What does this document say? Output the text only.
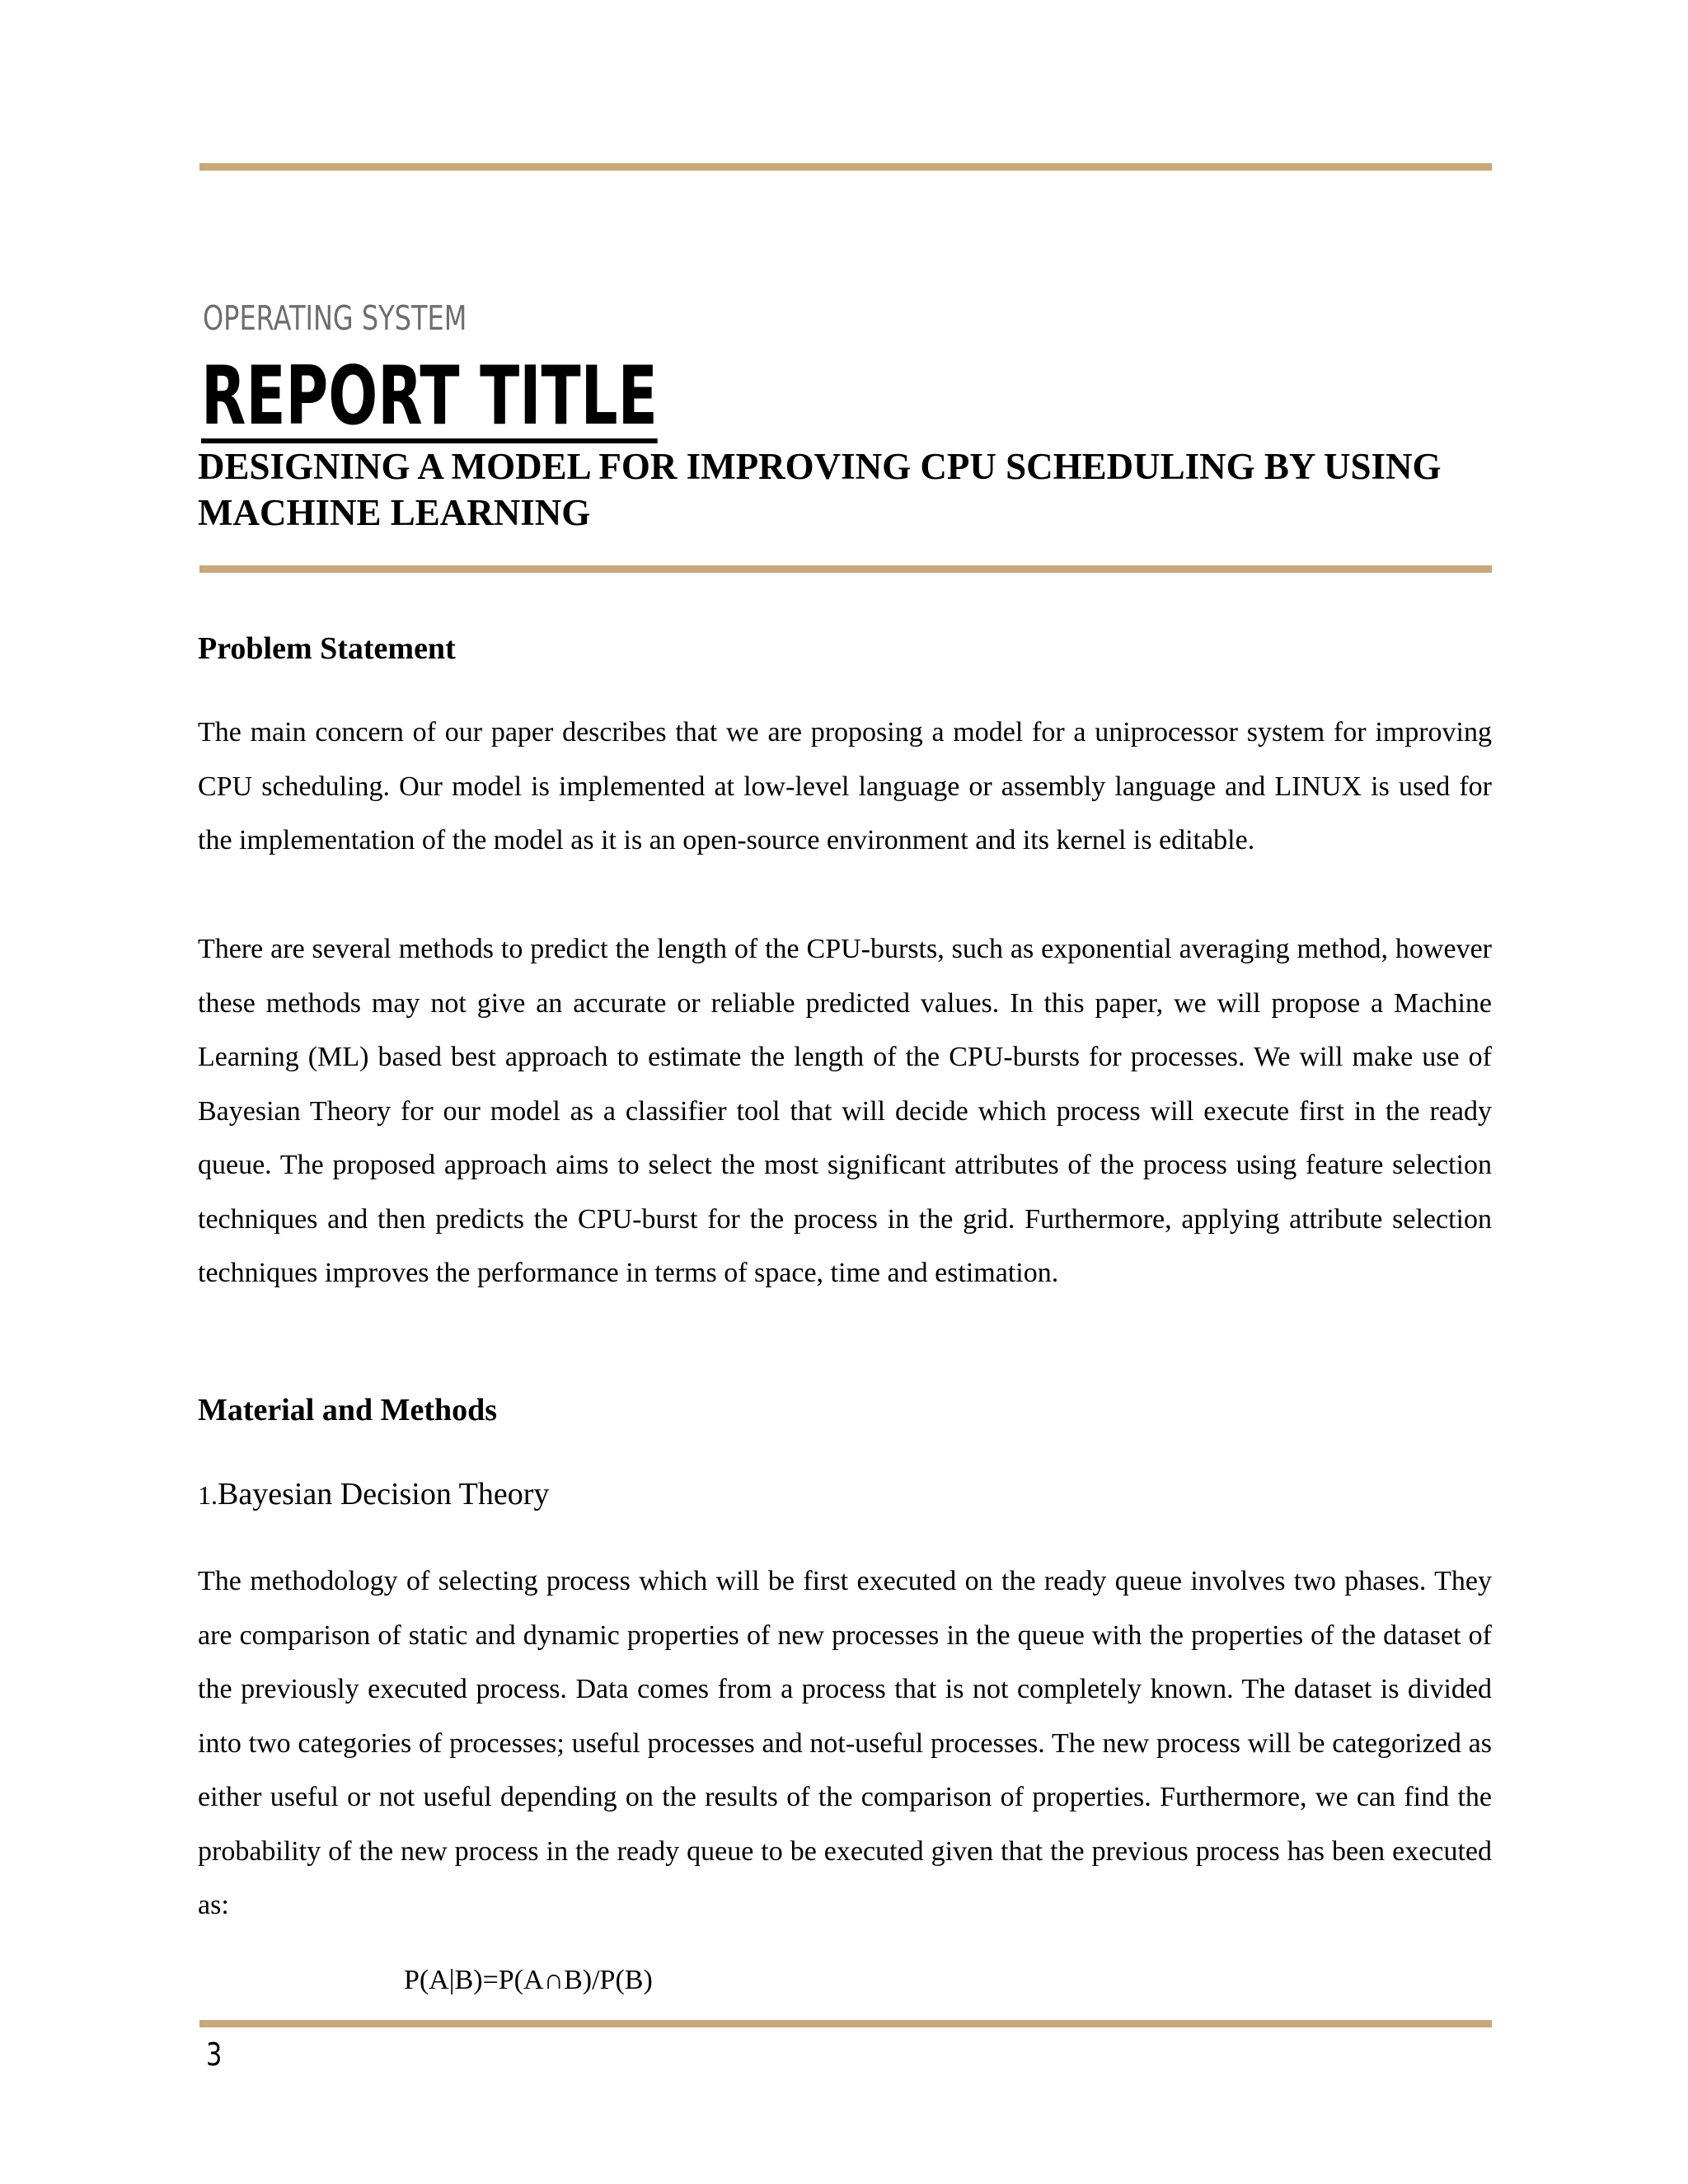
OPERATING SYSTEM
REPORT TITLE
DESIGNING A MODEL FOR IMPROVING CPU SCHEDULING BY USING MACHINE LEARNING
Problem Statement

The main concern of our paper describes that we are proposing a model for a uniprocessor system for improving CPU scheduling. Our model is implemented at low-level language or assembly language and LINUX is used for the implementation of the model as it is an open-source environment and its kernel is editable.

There are several methods to predict the length of the CPU-bursts, such as exponential averaging method, however these methods may not give an accurate or reliable predicted values. In this paper, we will propose a Machine Learning (ML) based best approach to estimate the length of the CPU-bursts for processes. We will make use of Bayesian Theory for our model as a classifier tool that will decide which process will execute first in the ready queue. The proposed approach aims to select the most significant attributes of the process using feature selection techniques and then predicts the CPU-burst for the process in the grid. Furthermore, applying attribute selection techniques improves the performance in terms of space, time and estimation.

Material and Methods
1.Bayesian Decision Theory

The methodology of selecting process which will be first executed on the ready queue involves two phases. They are comparison of static and dynamic properties of new processes in the queue with the properties of the dataset of the previously executed process. Data comes from a process that is not completely known. The dataset is divided into two categories of processes; useful processes and not-useful processes. The new process will be categorized as either useful or not useful depending on the results of the comparison of properties. Furthermore, we can find the probability of the new process in the ready queue to be executed given that the previous process has been executed as:

P(A|B)=P(A∩B)/P(B)
3
